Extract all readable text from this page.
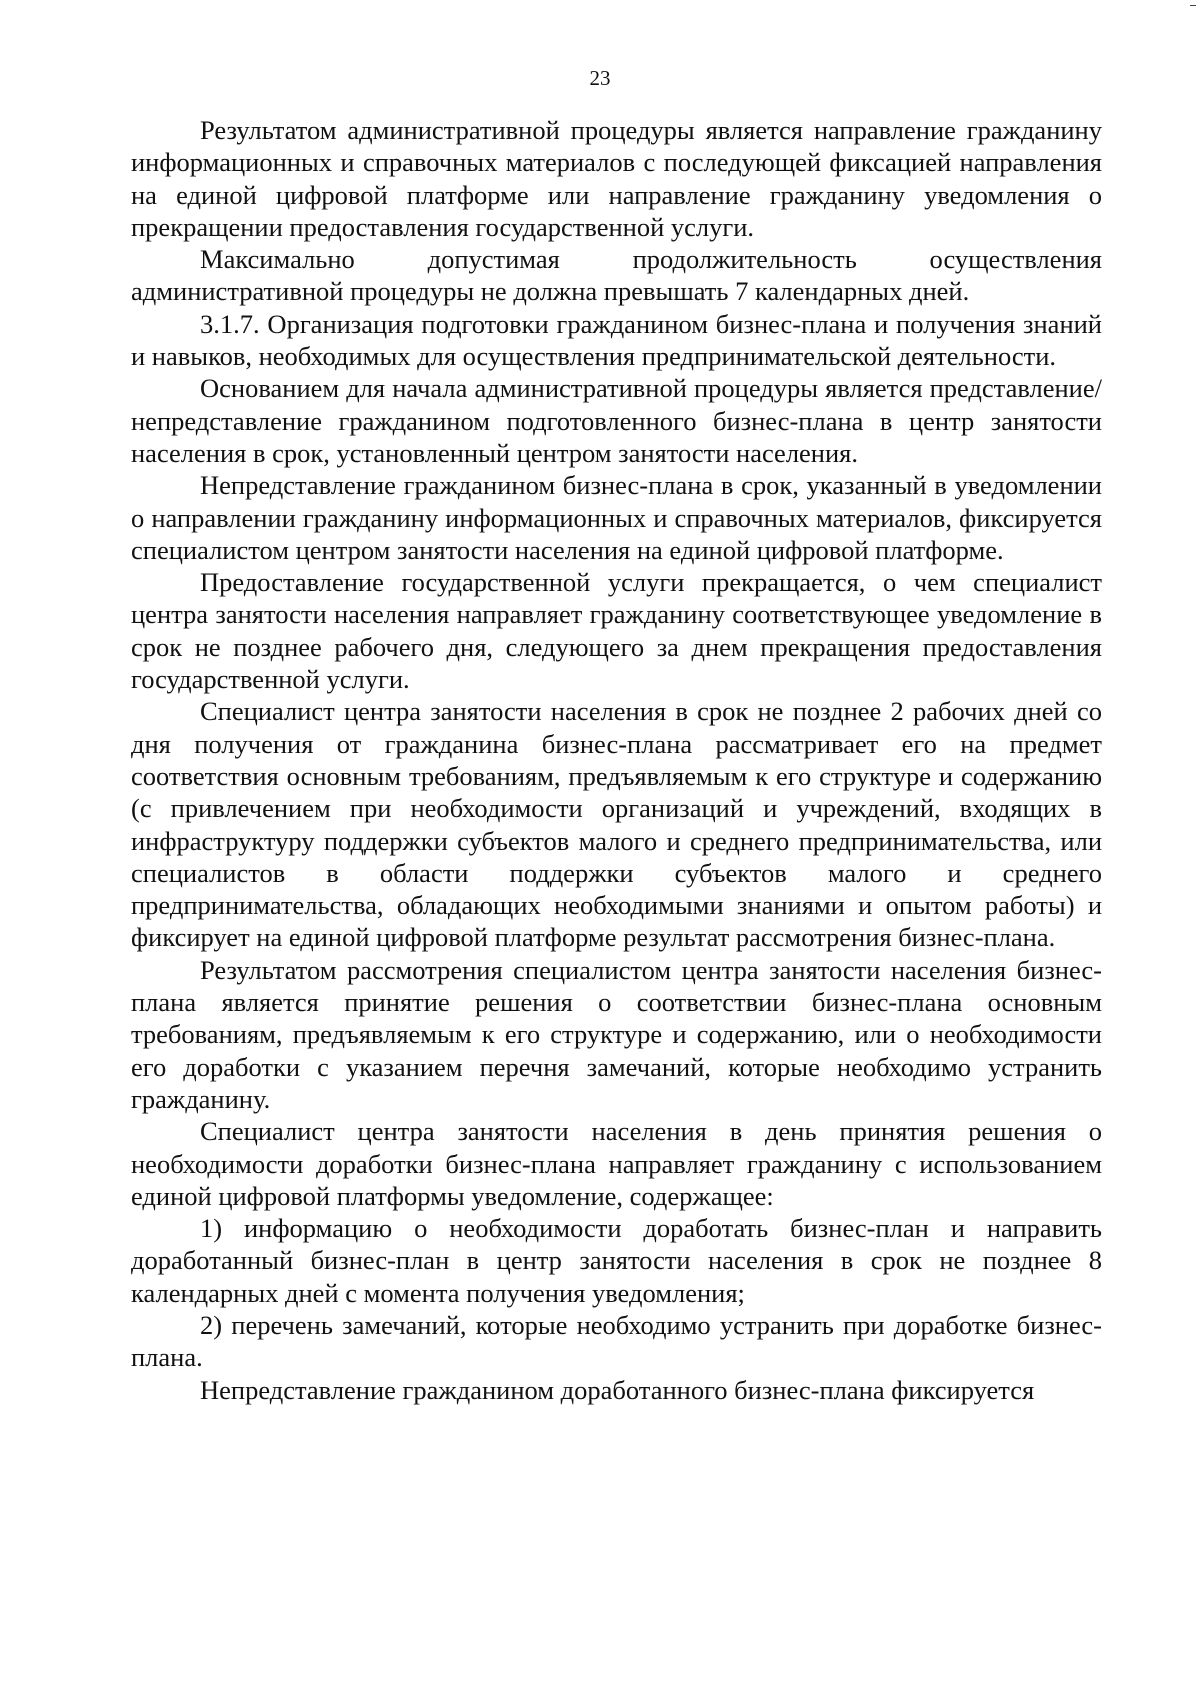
23

Результатом административной процедуры является направление гражданину информационных и справочных материалов с последующей фиксацией направления на единой цифровой платформе или направление гражданину уведомления о прекращении предоставления государственной услуги.

Максимально допустимая продолжительность осуществления административной процедуры не должна превышать 7 календарных дней.

3.1.7. Организация подготовки гражданином бизнес-плана и получения знаний и навыков, необходимых для осуществления предпринимательской деятельности.

Основанием для начала административной процедуры является представление/непредставление гражданином подготовленного бизнес-плана в центр занятости населения в срок, установленный центром занятости населения.

Непредставление гражданином бизнес-плана в срок, указанный в уведомлении о направлении гражданину информационных и справочных материалов, фиксируется специалистом центром занятости населения на единой цифровой платформе.

Предоставление государственной услуги прекращается, о чем специалист центра занятости населения направляет гражданину соответствующее уведомление в срок не позднее рабочего дня, следующего за днем прекращения предоставления государственной услуги.

Специалист центра занятости населения в срок не позднее 2 рабочих дней со дня получения от гражданина бизнес-плана рассматривает его на предмет соответствия основным требованиям, предъявляемым к его структуре и содержанию (с привлечением при необходимости организаций и учреждений, входящих в инфраструктуру поддержки субъектов малого и среднего предпринимательства, или специалистов в области поддержки субъектов малого и среднего предпринимательства, обладающих необходимыми знаниями и опытом работы) и фиксирует на единой цифровой платформе результат рассмотрения бизнес-плана.

Результатом рассмотрения специалистом центра занятости населения бизнес-плана является принятие решения о соответствии бизнес-плана основным требованиям, предъявляемым к его структуре и содержанию, или о необходимости его доработки с указанием перечня замечаний, которые необходимо устранить гражданину.

Специалист центра занятости населения в день принятия решения о необходимости доработки бизнес-плана направляет гражданину с использованием единой цифровой платформы уведомление, содержащее:

1) информацию о необходимости доработать бизнес-план и направить доработанный бизнес-план в центр занятости населения в срок не позднее 8 календарных дней с момента получения уведомления;

2) перечень замечаний, которые необходимо устранить при доработке бизнес-плана.

Непредставление гражданином доработанного бизнес-плана фиксируется
